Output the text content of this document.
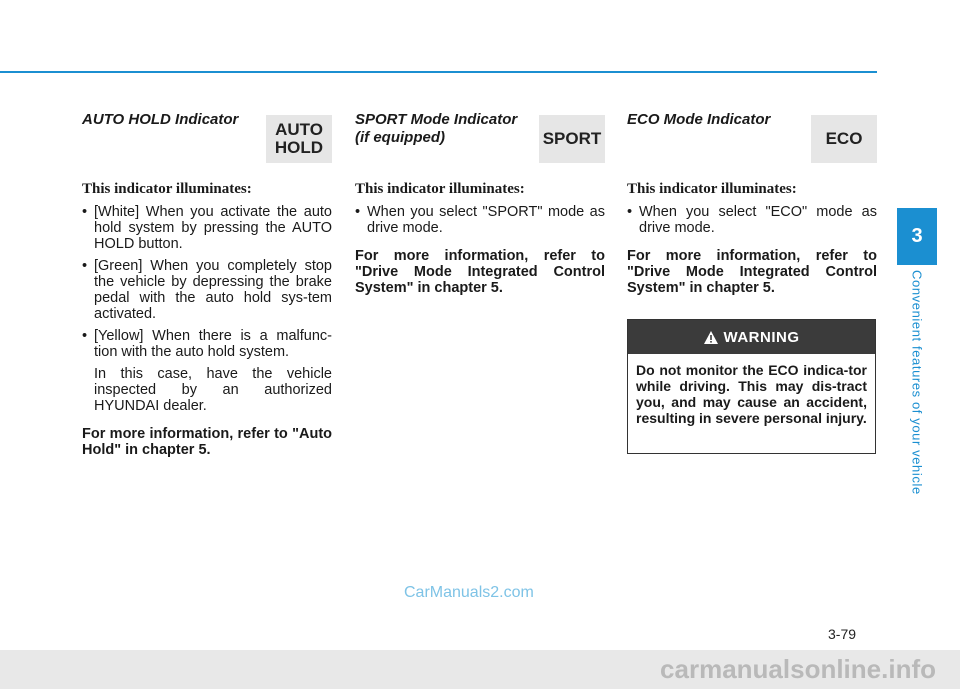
AUTO HOLD Indicator
AUTO
HOLD
This indicator illuminates:
• [White] When you activate the auto hold system by pressing the AUTO HOLD button.
• [Green] When you completely stop the vehicle by depressing the brake pedal with the auto hold sys-tem activated.
• [Yellow] When there is a malfunc-tion with the auto hold system.

In this case, have the vehicle inspected by an authorized HYUNDAI dealer.

For more information, refer to "Auto Hold" in chapter 5.
SPORT Mode Indicator
(if equipped)	SPORT
This indicator illuminates:
• When you select "SPORT" mode as drive mode.
For more information, refer to "Drive Mode Integrated Control System" in chapter 5.
ECO Mode Indicator
ECO
This indicator illuminates:
• When you select "ECO" mode as drive mode.
For more information, refer to "Drive Mode Integrated Control System" in chapter 5.
WARNING
Do not monitor the ECO indica-tor while driving. This may dis-tract you, and may cause an accident, resulting in severe personal injury.
3
Convenient features of your vehicle
3-79
CarManuals2.com
carmanualsonline.info
